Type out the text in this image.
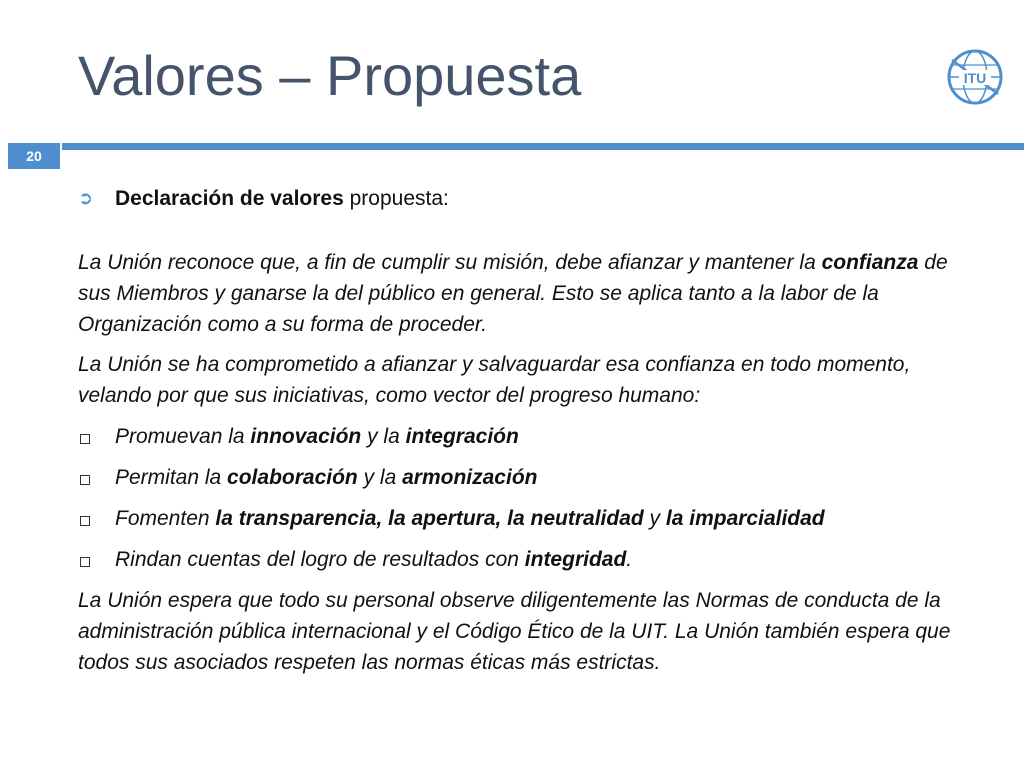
Valores – Propuesta	ITU
20

➲ Declaración de valores propuesta:

La Unión reconoce que, a fin de cumplir su misión, debe afianzar y mantener la confianza de sus Miembros y ganarse la del público en general. Esto se aplica tanto a la labor de la Organización como a su forma de proceder.

La Unión se ha comprometido a afianzar y salvaguardar esa confianza en todo momento, velando por que sus iniciativas, como vector del progreso humano:

Promuevan la innovación y la integración
Permitan la colaboración y la armonización
Fomenten la transparencia, la apertura, la neutralidad y la imparcialidad
Rindan cuentas del logro de resultados con integridad.

La Unión espera que todo su personal observe diligentemente las Normas de conducta de la administración pública internacional y el Código Ético de la UIT. La Unión también espera que todos sus asociados respeten las normas éticas más estrictas.
